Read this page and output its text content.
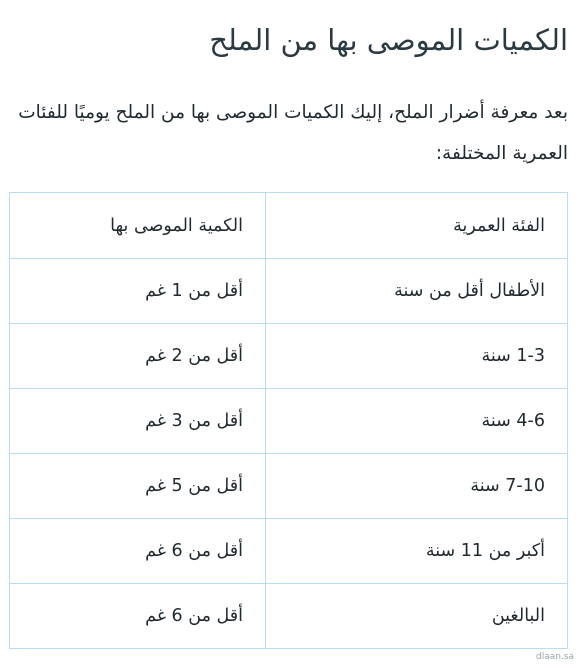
الكميات الموصى بها من الملح

بعد معرفة أضرار الملح، إليك الكميات الموصى بها من الملح يوميًا للفئات العمرية المختلفة:

الفئة العمرية	الكمية الموصى بها
الأطفال أقل من سنة	أقل من 1 غم
1-3 سنة	أقل من 2 غم
4-6 سنة	أقل من 3 غم
7-10 سنة	أقل من 5 غم
أكبر من 11 سنة	أقل من 6 غم
البالغين	أقل من 6 غم
dlaan.sa
